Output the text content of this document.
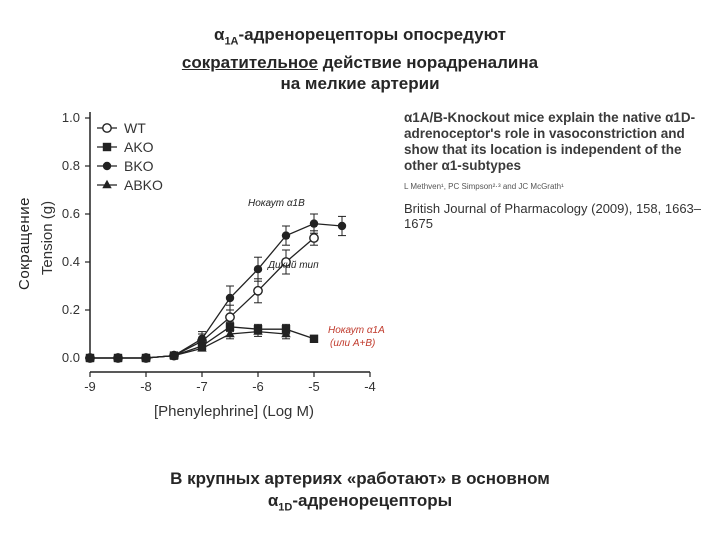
$\alpha_{1A}$-адренорецепторы опосредуют
сократительное действие норадреналина
на мелкие артерии
Сокращение
0.0
0.2
0.4
0.6
0.8
1.0
-9	-8	-7	-6	-5	-4
WT
AKO
BKO
ABKO
Tension (g)
[Phenylephrine] (Log M)
Нокаут α1B
Дикий тип
Нокаут α1A
(или A+B)
α1A/B-Knockout mice explain the native α1D-adrenoceptor's role in vasoconstriction and show that its location is independent of the other α1-subtypes
L Methven¹, PC Simpson²·³ and JC McGrath¹
British Journal of Pharmacology (2009), 158, 1663–1675
В крупных артериях «работают» в основном
$\alpha_{1D}$-адренорецепторы
